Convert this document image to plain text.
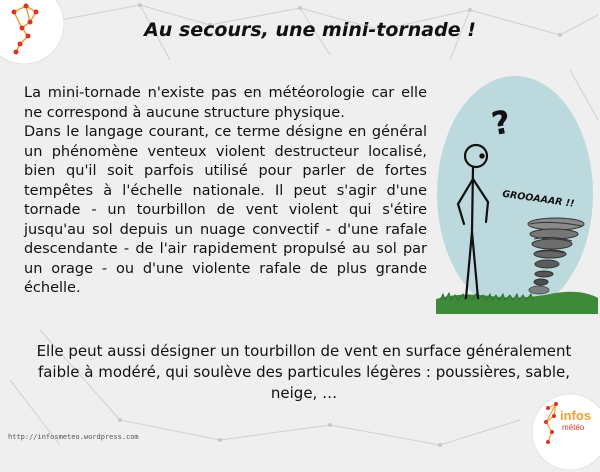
Au secours, une mini-tornade !

La mini-tornade n'existe pas en météorologie car elle ne correspond à aucune structure physique.

Dans le langage courant, ce terme désigne en général un phénomène venteux violent destructeur localisé, bien qu'il soit parfois utilisé pour parler de fortes tempêtes à l'échelle nationale. Il peut s'agir d'une tornade - un tourbillon de vent violent qui s'étire jusqu'au sol depuis un nuage convectif - d'une rafale descendante - de l'air rapidement propulsé au sol par un orage - ou d'une violente rafale de plus grande échelle.

Elle peut aussi désigner un tourbillon de vent en surface généralement faible à modéré, qui soulève des particules légères : poussières, sable, neige, …

?
GROOAAAR !!
infos
météo
http://infosmeteo.wordpress.com
